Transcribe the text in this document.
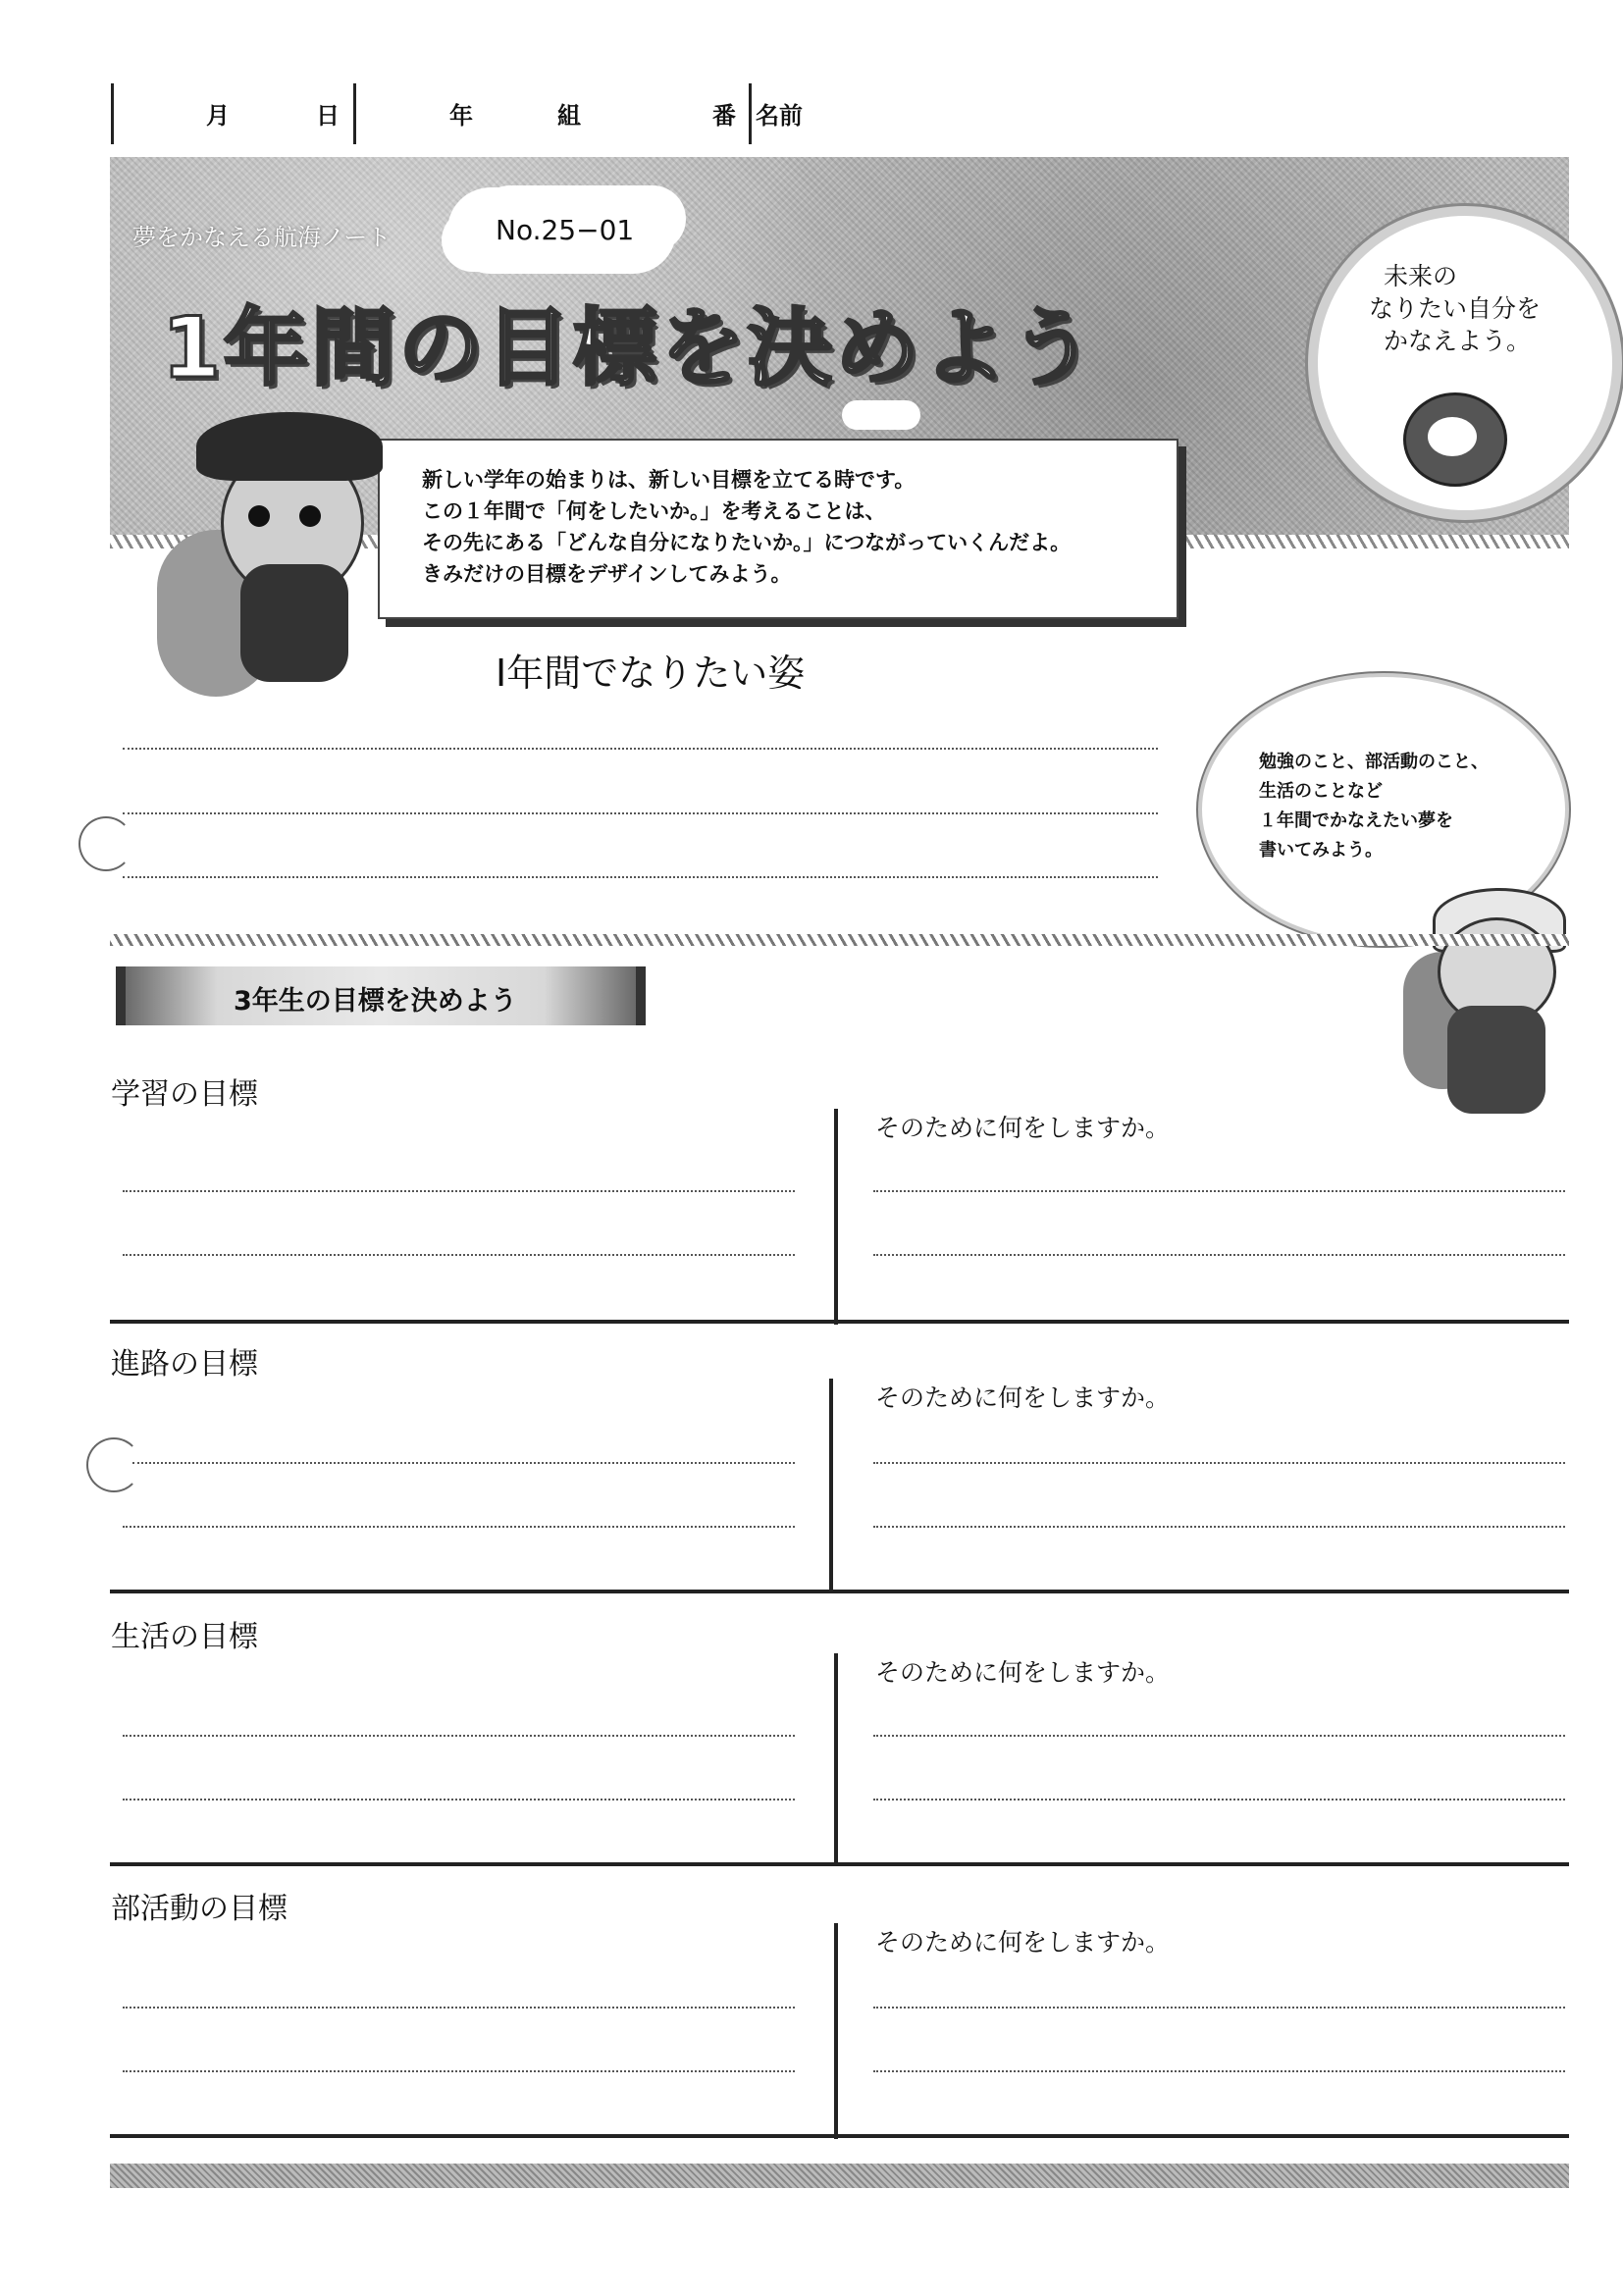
月	日	年	組	番 名前
夢をかなえる航海ノート	No.25−01
1年間の目標を決めよう
新しい学年の始まりは、新しい目標を立てる時です。
この１年間で「何をしたいか。」を考えることは、
その先にある「どんな自分になりたいか。」につながっていくんだよ。
きみだけの目標をデザインしてみよう。
未来の
なりたい自分を
かなえよう。
Ⅰ年間でなりたい姿
勉強のこと、部活動のこと、
生活のことなど
１年間でかなえたい夢を
書いてみよう。
3年生の目標を決めよう
学習の目標
そのために何をしますか。
進路の目標
そのために何をしますか。
生活の目標
そのために何をしますか。
部活動の目標
そのために何をしますか。
